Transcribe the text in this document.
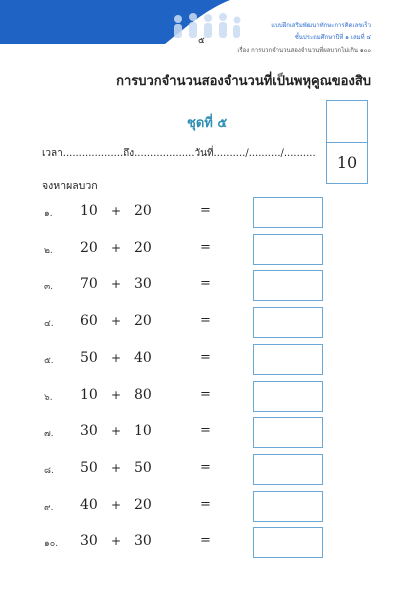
แบบฝึกเสริมพัฒนาทักษะการคิดเลขเร็ว
ชั้นประถมศึกษาปีที่ ๑ เล่มที่ ๔
๕
เรื่อง การบวกจำนวนสองจำนวนที่ผลบวกไม่เกิน ๑๐๐
การบวกจำนวนสองจำนวนที่เป็นพหุคูณของสิบ
ชุดที่ ๕
10
เวลา...................ถึง...................วันที่........../........../..........
จงหาผลบวก
๑. 10 + 20	=
๒. 20 + 20	=
๓. 70 + 30	=
๔. 60 + 20	=
๕. 50 + 40	=
๖. 10 + 80	=
๗. 30 + 10	=
๘. 50 + 50	=
๙. 40 + 20	=
๑๐. 30 + 30	=
